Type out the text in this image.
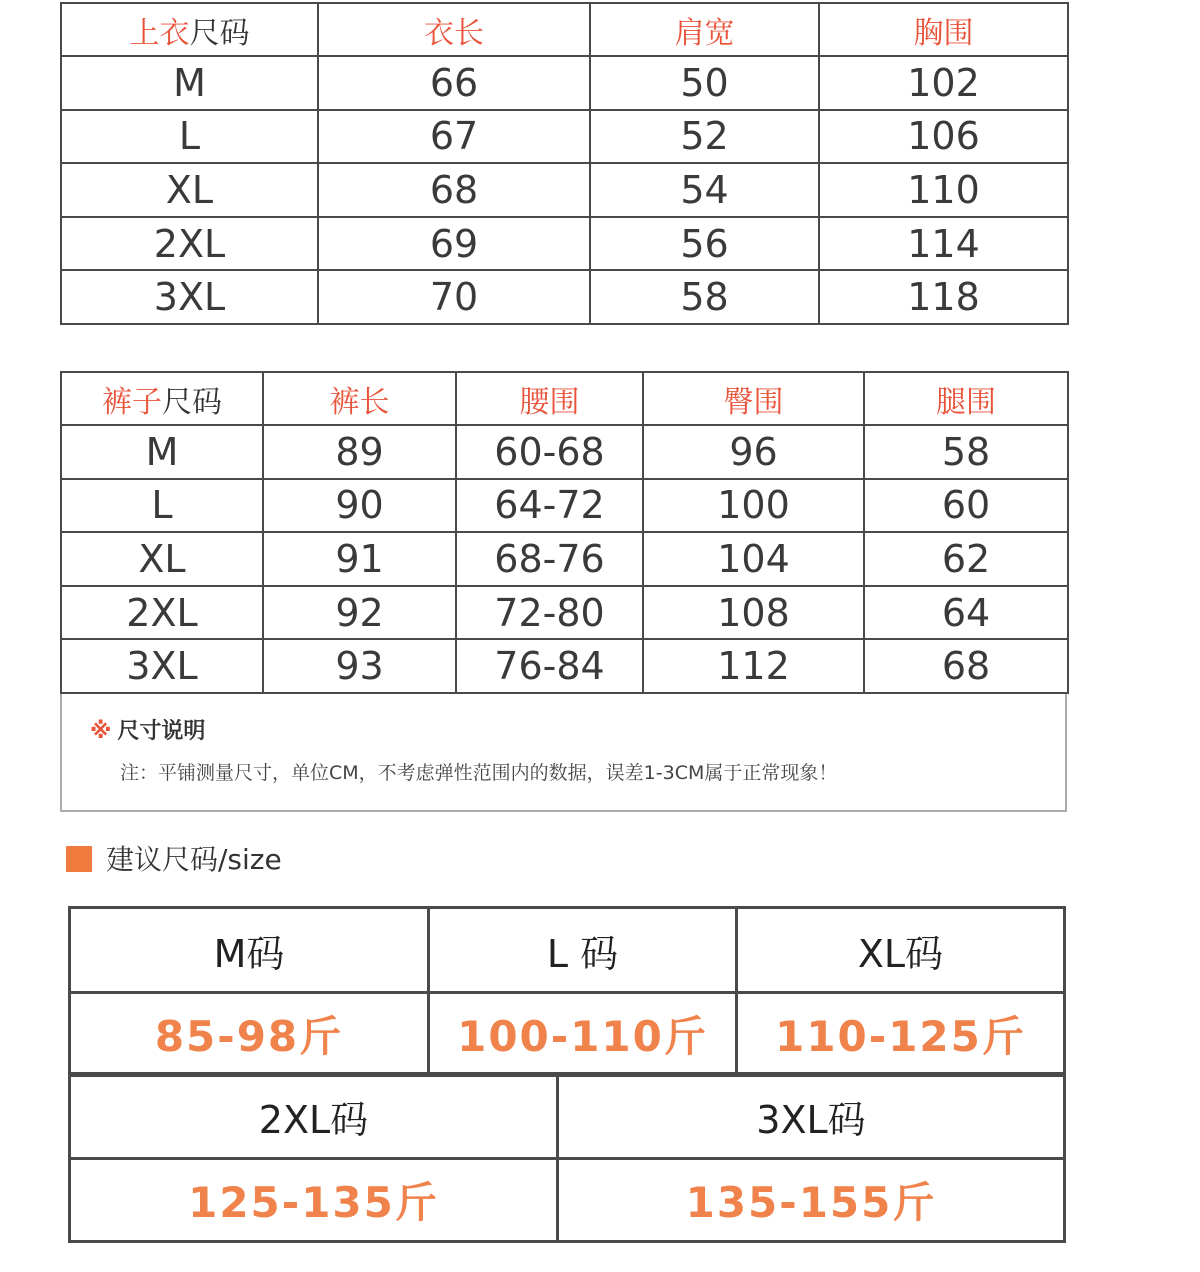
上衣尺码	衣长	肩宽	胸围
M	66	50	102
L	67	52	106
XL	68	54	110
2XL	69	56	114
3XL	70	58	118
裤子尺码	裤长	腰围	臀围	腿围
M	89	60-68	96	58
L	90	64-72	100	60
XL	91	68-76	104	62
2XL	92	72-80	108	64
3XL	93	76-84	112	68
※ 尺寸说明
注：平铺测量尺寸，单位CM，不考虑弹性范围内的数据，误差1-3CM属于正常现象！
建议尺码/size
M码	L 码	XL码
85-98斤	100-110斤	110-125斤
2XL码	3XL码
125-135斤	135-155斤
